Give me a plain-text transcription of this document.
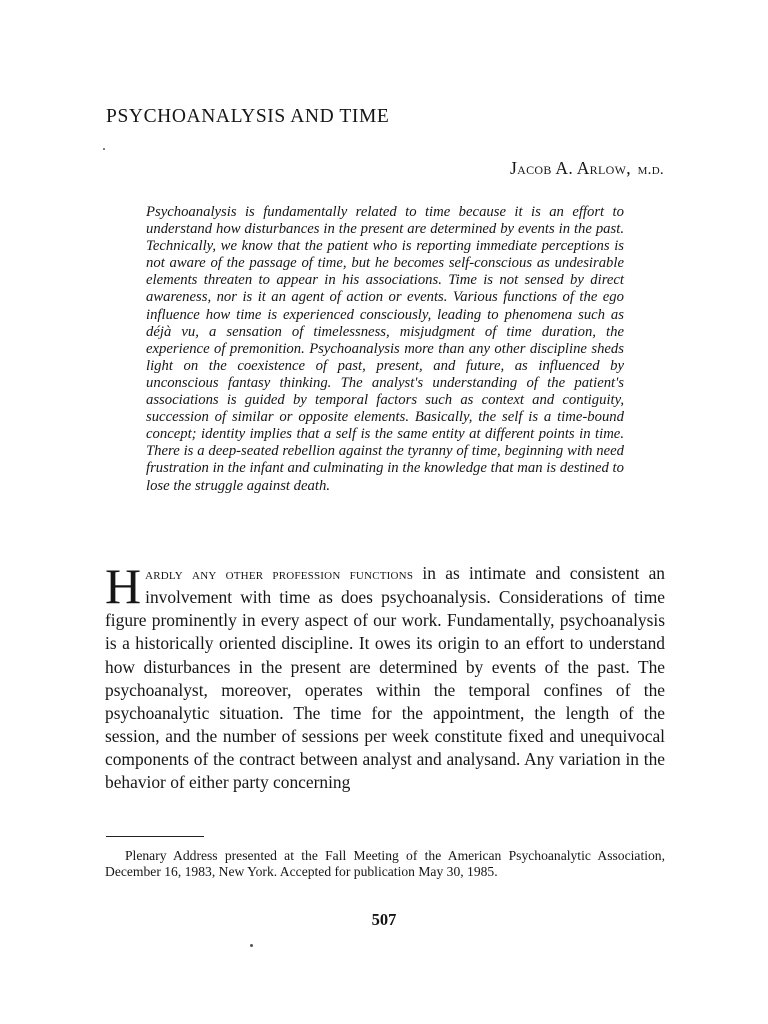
PSYCHOANALYSIS AND TIME
Jacob A. Arlow, m.d.

Psychoanalysis is fundamentally related to time because it is an effort to understand how disturbances in the present are determined by events in the past. Technically, we know that the patient who is reporting immediate perceptions is not aware of the passage of time, but he becomes self-conscious as undesirable elements threaten to appear in his associations. Time is not sensed by direct awareness, nor is it an agent of action or events. Various functions of the ego influence how time is experienced consciously, leading to phenomena such as déjà vu, a sensation of timelessness, misjudgment of time duration, the experience of premonition. Psychoanalysis more than any other discipline sheds light on the coexistence of past, present, and future, as influenced by unconscious fantasy thinking. The analyst's understanding of the patient's associations is guided by temporal factors such as context and contiguity, succession of similar or opposite elements. Basically, the self is a time-bound concept; identity implies that a self is the same entity at different points in time. There is a deep-seated rebellion against the tyranny of time, beginning with need frustration in the infant and culminating in the knowledge that man is destined to lose the struggle against death.

Hardly any other profession functions in as intimate and consistent an involvement with time as does psychoanalysis. Considerations of time figure prominently in every aspect of our work. Fundamentally, psychoanalysis is a historically oriented discipline. It owes its origin to an effort to understand how disturbances in the present are determined by events of the past. The psychoanalyst, moreover, operates within the temporal confines of the psychoanalytic situation. The time for the appointment, the length of the session, and the number of sessions per week constitute fixed and unequivocal components of the contract between analyst and analysand. Any variation in the behavior of either party concerning

Plenary Address presented at the Fall Meeting of the American Psychoanalytic Association, December 16, 1983, New York. Accepted for publication May 30, 1985.

507
